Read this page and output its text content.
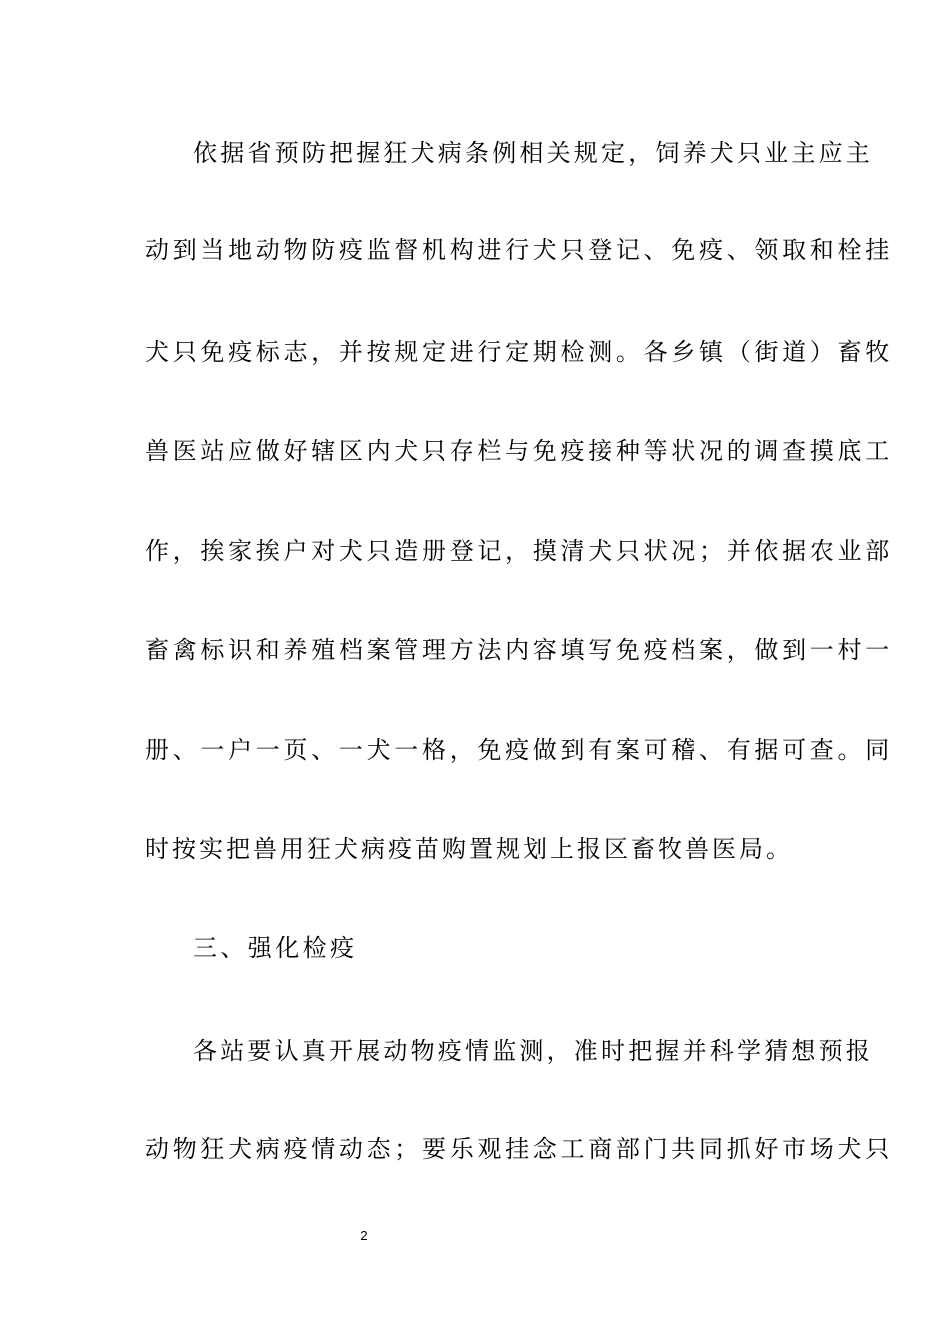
依据省预防把握狂犬病条例相关规定，饲养犬只业主应主
动到当地动物防疫监督机构进行犬只登记、免疫、领取和栓挂
犬只免疫标志，并按规定进行定期检测。各乡镇（街道）畜牧
兽医站应做好辖区内犬只存栏与免疫接种等状况的调查摸底工
作，挨家挨户对犬只造册登记，摸清犬只状况；并依据农业部
畜禽标识和养殖档案管理方法内容填写免疫档案，做到一村一
册、一户一页、一犬一格，免疫做到有案可稽、有据可查。同
时按实把兽用狂犬病疫苗购置规划上报区畜牧兽医局。
三、强化检疫
各站要认真开展动物疫情监测，准时把握并科学猜想预报
动物狂犬病疫情动态；要乐观挂念工商部门共同抓好市场犬只
2
